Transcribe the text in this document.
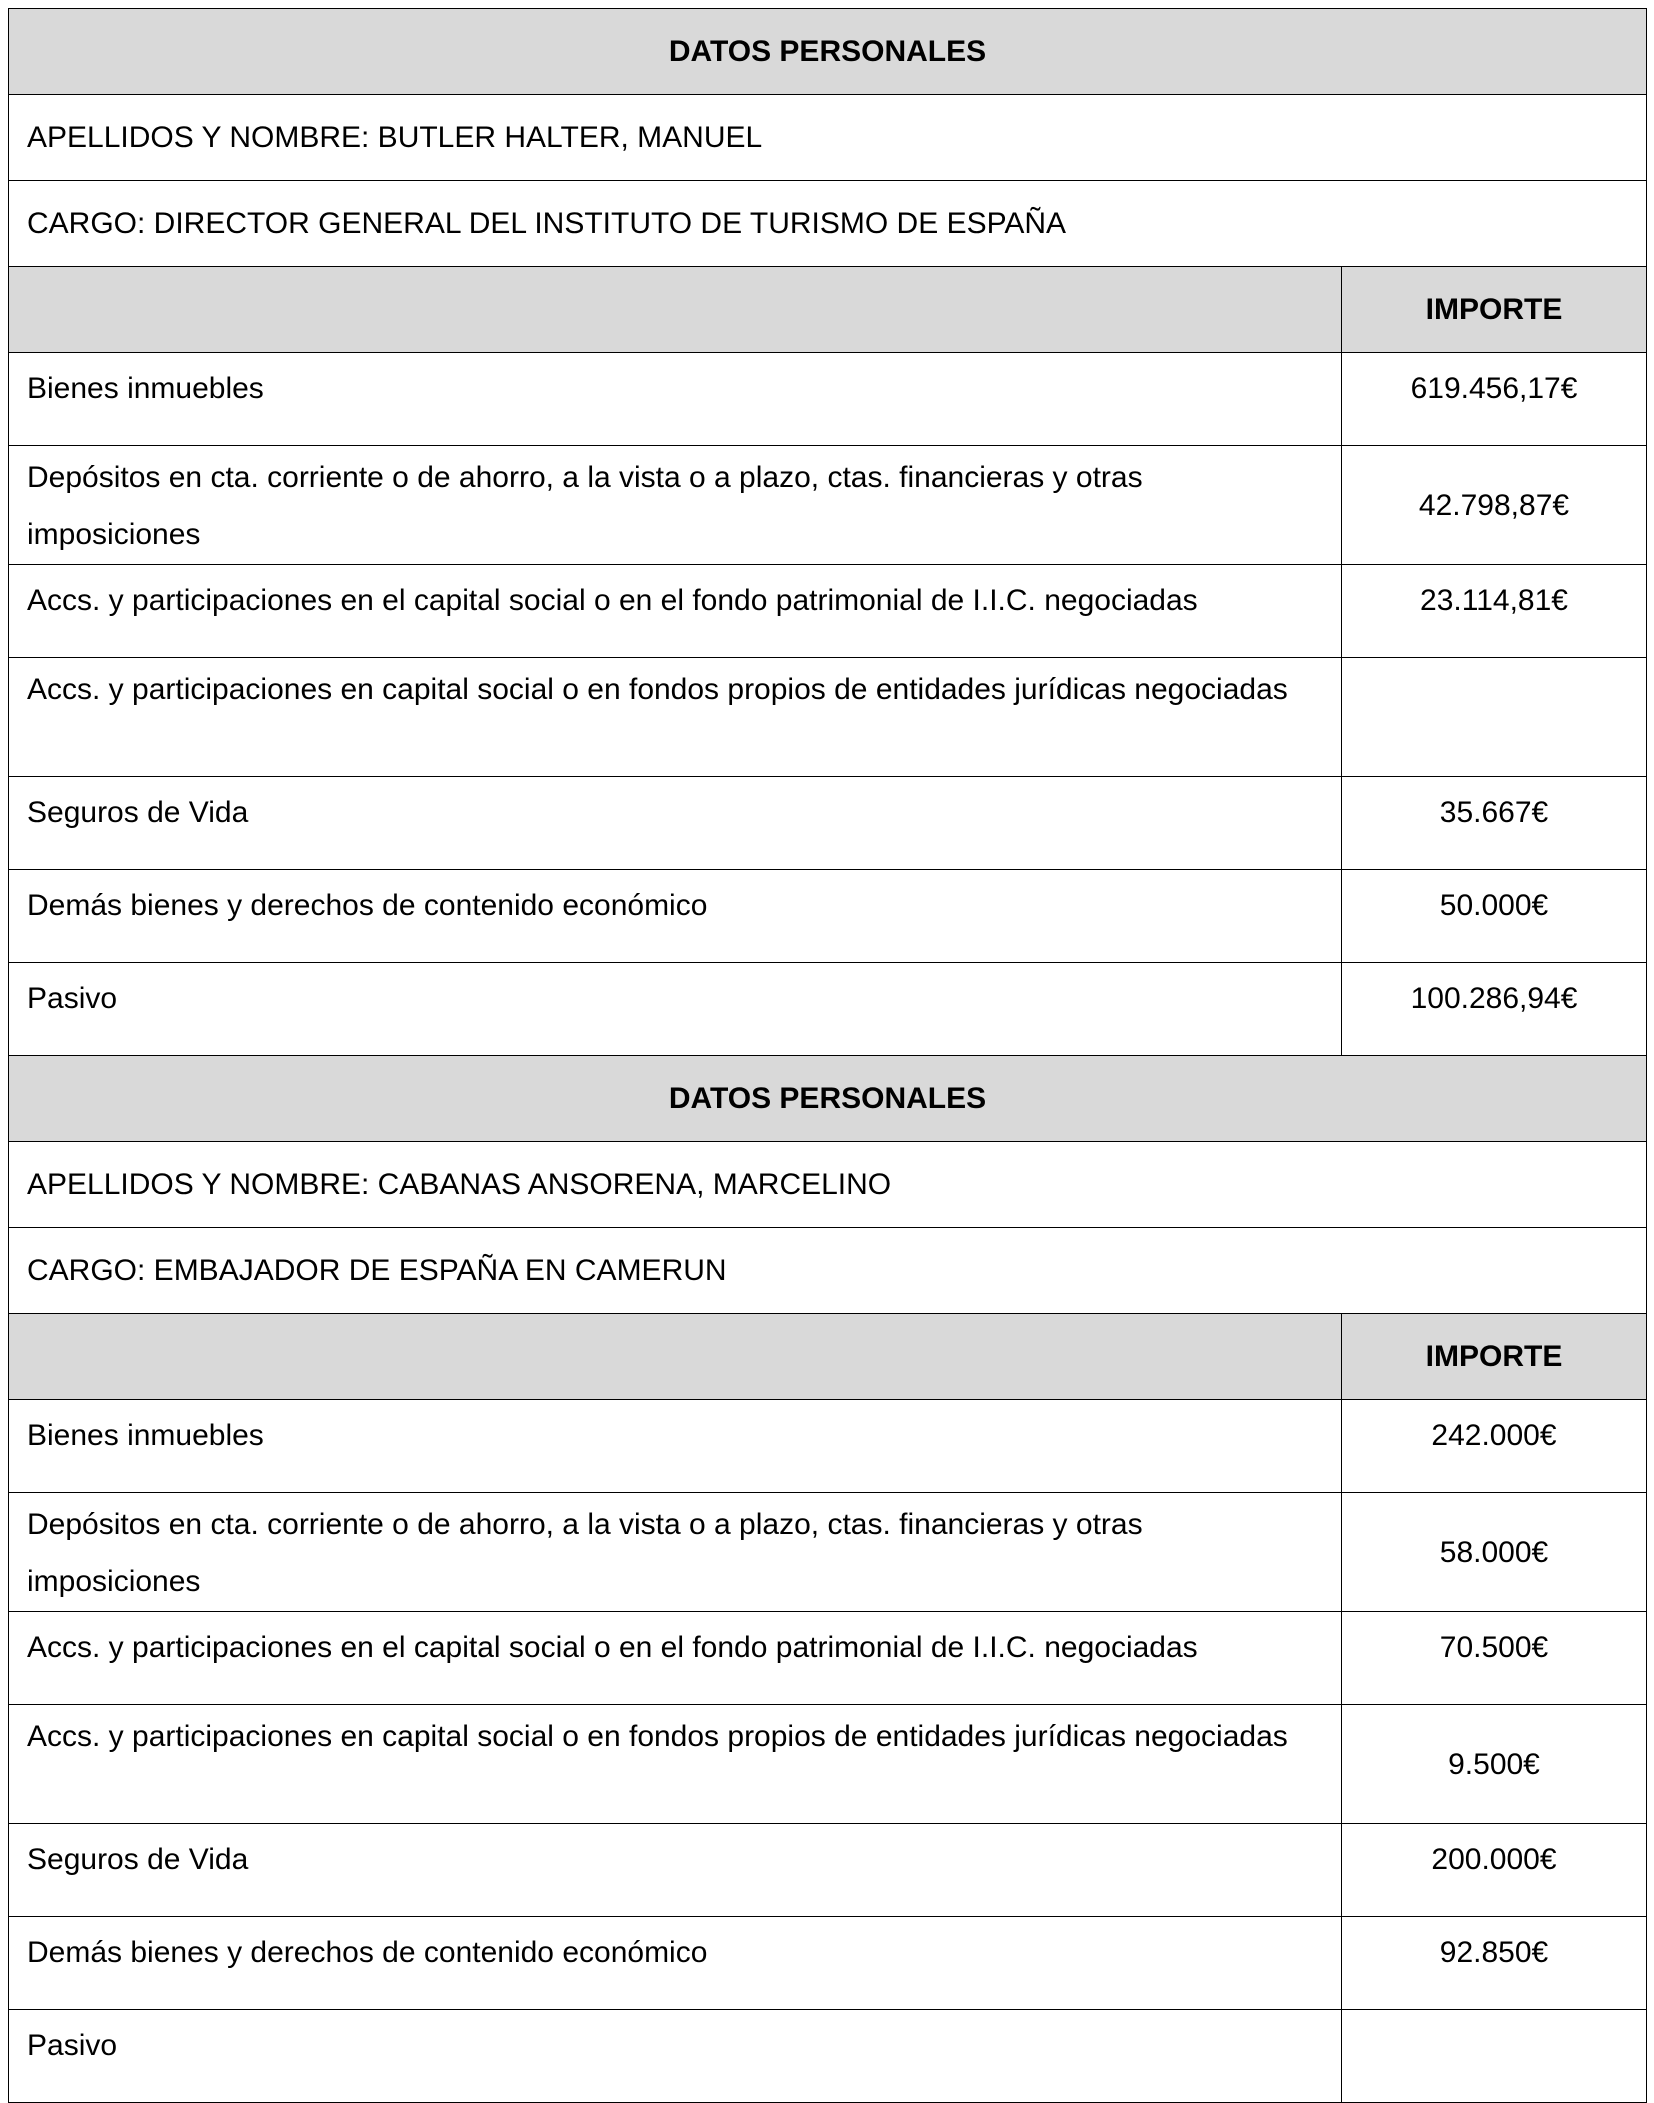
DATOS PERSONALES	
APELLIDOS Y NOMBRE: BUTLER HALTER, MANUEL	
CARGO: DIRECTOR GENERAL DEL INSTITUTO DE TURISMO DE ESPAÑA	
	IMPORTE
Bienes inmuebles	619.456,17€
Depósitos en cta. corriente o de ahorro, a la vista o a plazo, ctas. financieras y otras imposiciones	42.798,87€
Accs. y participaciones en el capital social o en el fondo patrimonial de I.I.C. negociadas	23.114,81€
Accs. y participaciones en capital social o en fondos propios de entidades jurídicas negociadas	
Seguros de Vida	35.667€
Demás bienes y derechos de contenido económico	50.000€
Pasivo	100.286,94€
DATOS PERSONALES	
APELLIDOS Y NOMBRE: CABANAS ANSORENA, MARCELINO	
CARGO: EMBAJADOR DE ESPAÑA EN CAMERUN	
	IMPORTE
Bienes inmuebles	242.000€
Depósitos en cta. corriente o de ahorro, a la vista o a plazo, ctas. financieras y otras imposiciones	58.000€
Accs. y participaciones en el capital social o en el fondo patrimonial de I.I.C. negociadas	70.500€
Accs. y participaciones en capital social o en fondos propios de entidades jurídicas negociadas	9.500€
Seguros de Vida	200.000€
Demás bienes y derechos de contenido económico	92.850€
Pasivo	
